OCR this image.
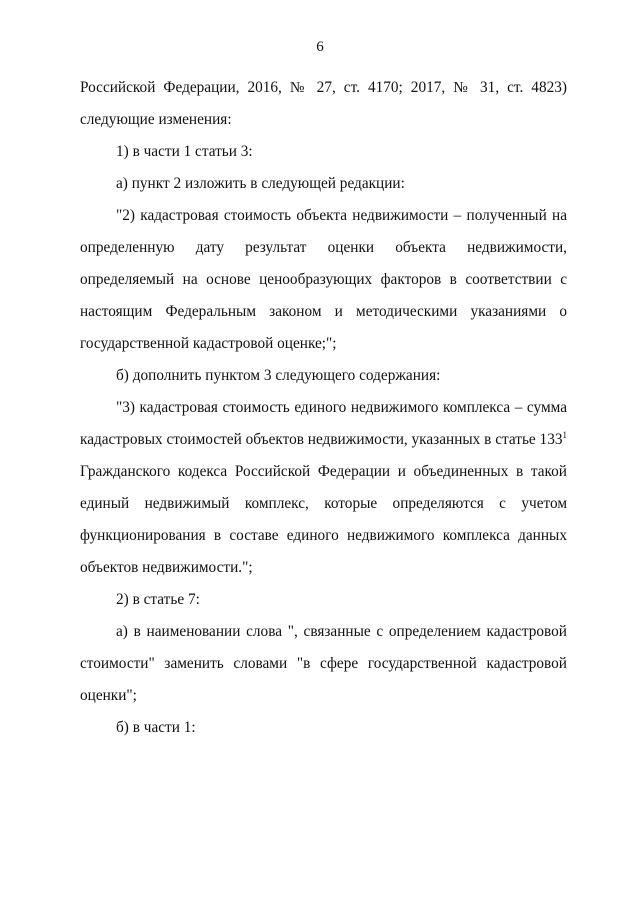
6
Российской Федерации, 2016, № 27, ст. 4170; 2017, № 31, ст. 4823)
следующие изменения:
1) в части 1 статьи 3:
а) пункт 2 изложить в следующей редакции:
"2) кадастровая стоимость объекта недвижимости – полученный на
определенную дату результат оценки объекта недвижимости,
определяемый на основе ценообразующих факторов в соответствии с
настоящим Федеральным законом и методическими указаниями о
государственной кадастровой оценке;";
б) дополнить пунктом 3 следующего содержания:
"3) кадастровая стоимость единого недвижимого комплекса – сумма
кадастровых стоимостей объектов недвижимости, указанных в статье $133^1$
Гражданского кодекса Российской Федерации и объединенных в такой
единый недвижимый комплекс, которые определяются с учетом
функционирования в составе единого недвижимого комплекса данных
объектов недвижимости.";
2) в статье 7:
а) в наименовании слова ", связанные с определением кадастровой
стоимости" заменить словами "в сфере государственной кадастровой
оценки";
б) в части 1:
